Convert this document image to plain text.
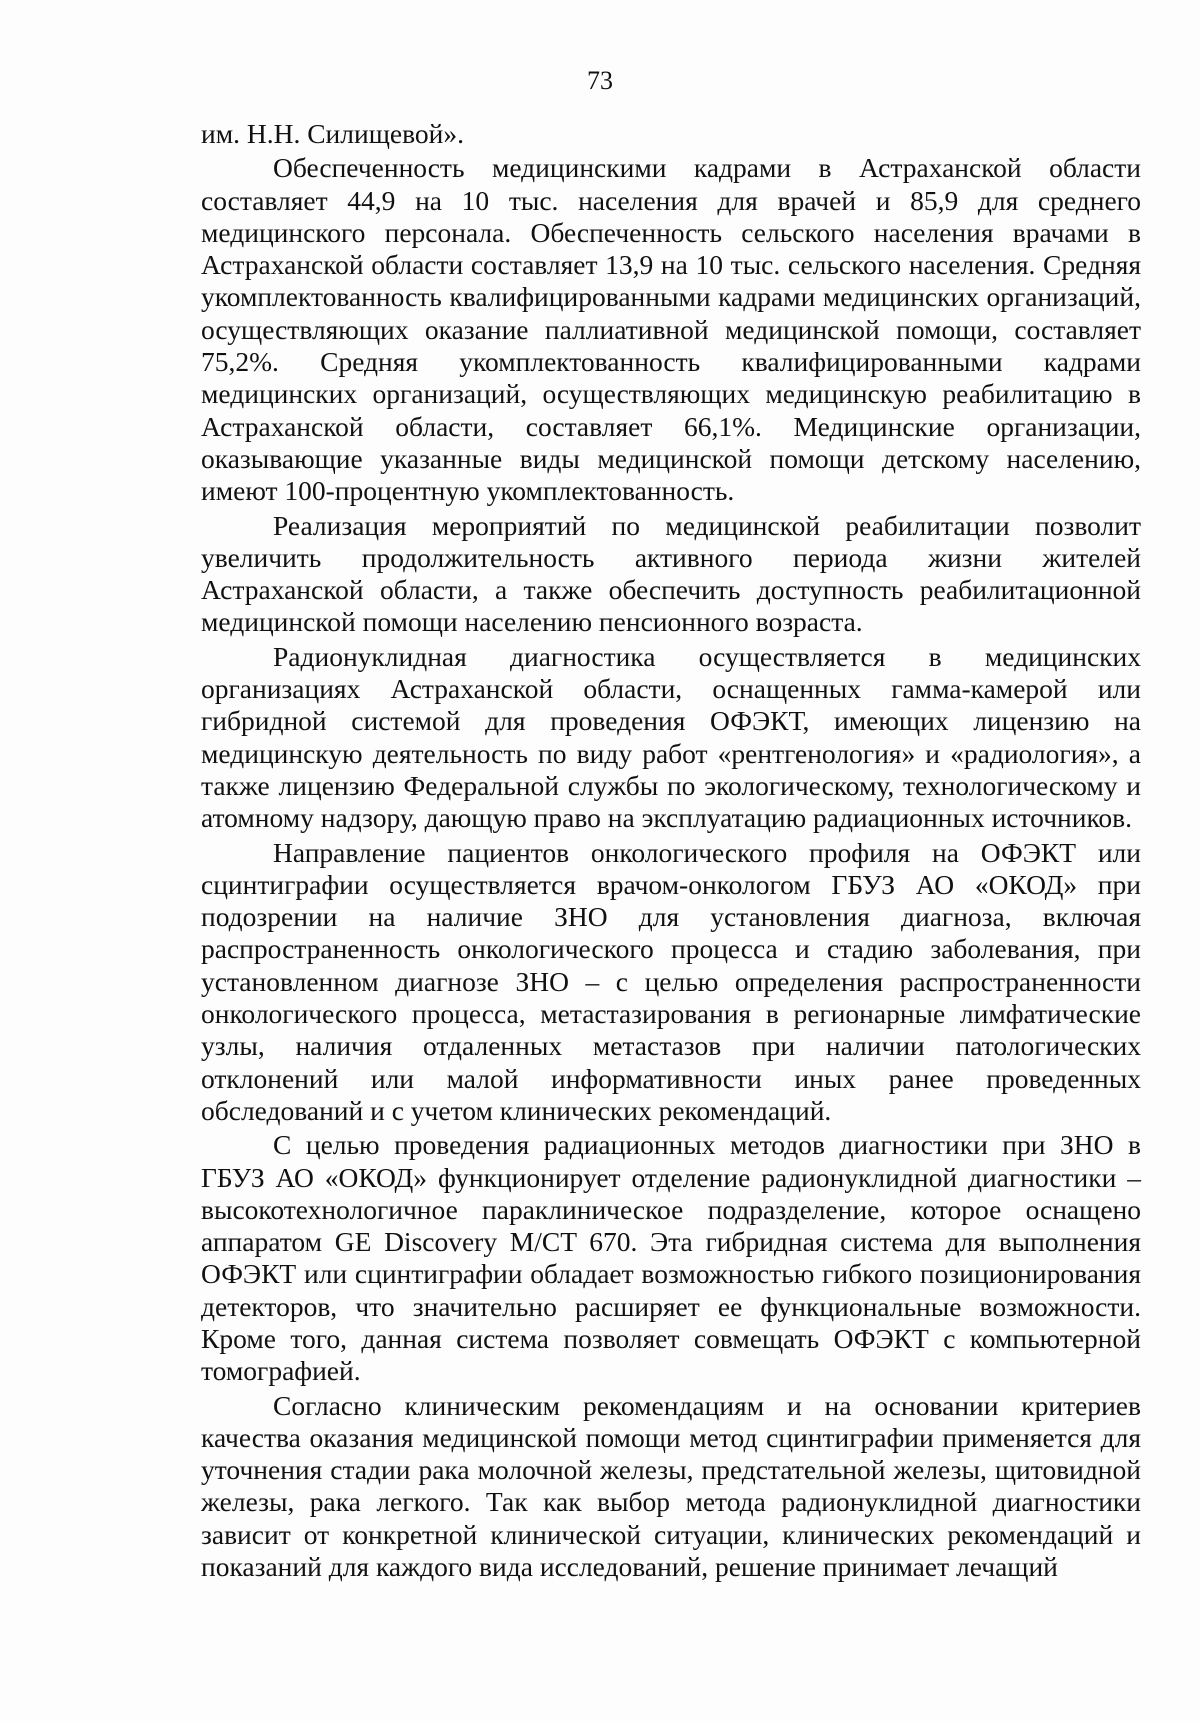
73

им. Н.Н. Силищевой».

Обеспеченность медицинскими кадрами в Астраханской области составляет 44,9 на 10 тыс. населения для врачей и 85,9 для среднего медицинского персонала. Обеспеченность сельского населения врачами в Астраханской области составляет 13,9 на 10 тыс. сельского населения. Средняя укомплектованность квалифицированными кадрами медицинских организаций, осуществляющих оказание паллиативной медицинской помощи, составляет 75,2%. Средняя укомплектованность квалифицированными кадрами медицинских организаций, осуществляющих медицинскую реабилитацию в Астраханской области, составляет 66,1%. Медицинские организации, оказывающие указанные виды медицинской помощи детскому населению, имеют 100-процентную укомплектованность.

Реализация мероприятий по медицинской реабилитации позволит увеличить продолжительность активного периода жизни жителей Астраханской области, а также обеспечить доступность реабилитационной медицинской помощи населению пенсионного возраста.

Радионуклидная диагностика осуществляется в медицинских организациях Астраханской области, оснащенных гамма-камерой или гибридной системой для проведения ОФЭКТ, имеющих лицензию на медицинскую деятельность по виду работ «рентгенология» и «радиология», а также лицензию Федеральной службы по экологическому, технологическому и атомному надзору, дающую право на эксплуатацию радиационных источников.

Направление пациентов онкологического профиля на ОФЭКТ или сцинтиграфии осуществляется врачом-онкологом ГБУЗ АО «ОКОД» при подозрении на наличие ЗНО для установления диагноза, включая распространенность онкологического процесса и стадию заболевания, при установленном диагнозе ЗНО – с целью определения распространенности онкологического процесса, метастазирования в регионарные лимфатические узлы, наличия отдаленных метастазов при наличии патологических отклонений или малой информативности иных ранее проведенных обследований и с учетом клинических рекомендаций.

С целью проведения радиационных методов диагностики при ЗНО в ГБУЗ АО «ОКОД» функционирует отделение радионуклидной диагностики – высокотехнологичное параклиническое подразделение, которое оснащено аппаратом GE Discovery M/CT 670. Эта гибридная система для выполнения ОФЭКТ или сцинтиграфии обладает возможностью гибкого позиционирования детекторов, что значительно расширяет ее функциональные возможности. Кроме того, данная система позволяет совмещать ОФЭКТ с компьютерной томографией.

Согласно клиническим рекомендациям и на основании критериев качества оказания медицинской помощи метод сцинтиграфии применяется для уточнения стадии рака молочной железы, предстательной железы, щитовидной железы, рака легкого. Так как выбор метода радионуклидной диагностики зависит от конкретной клинической ситуации, клинических рекомендаций и показаний для каждого вида исследований, решение принимает лечащий
